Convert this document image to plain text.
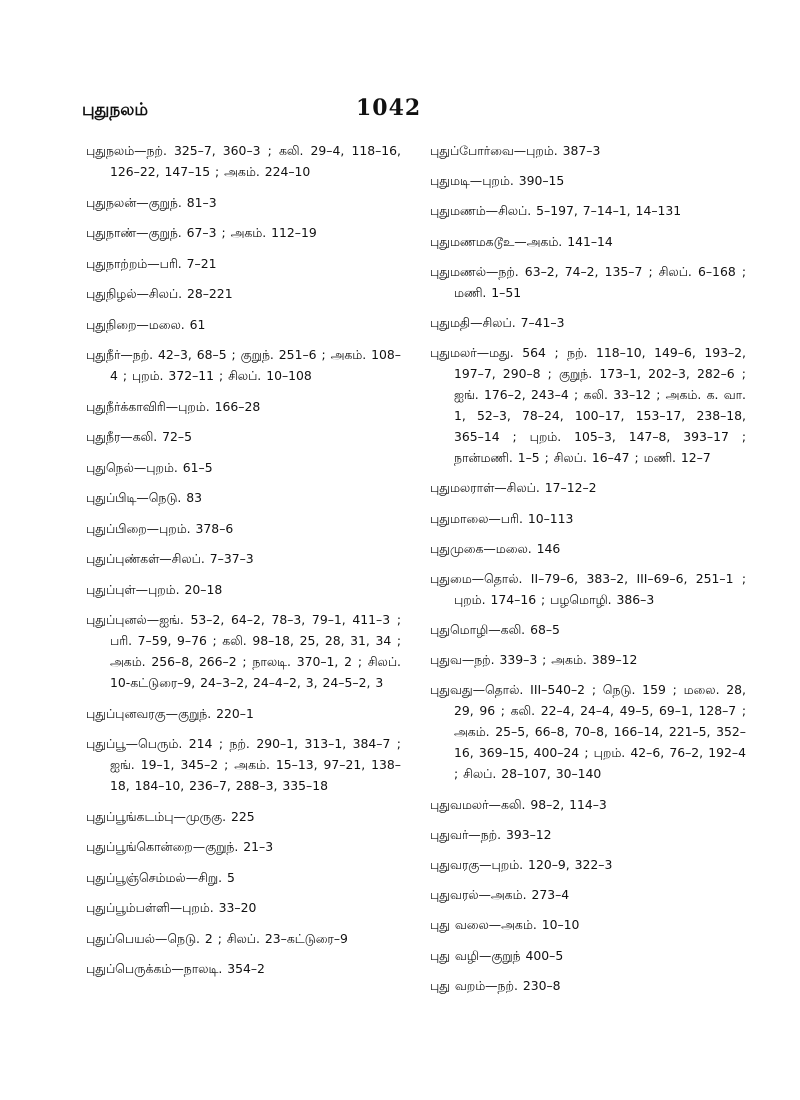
புதுநலம்	1042
புதுநலம்—நற். 325–7, 360–3 ; கலி. 29–4, 118–16, 126–22, 147–15 ; அகம். 224–10
புதுநலன்—குறுந். 81–3
புதுநாண்—குறுந். 67–3 ; அகம். 112–19
புதுநாற்றம்—பரி. 7–21
புதுநிழல்—சிலப். 28–221
புதுநிறை—மலை. 61
புதுநீர்—நற். 42–3, 68–5 ; குறுந். 251–6 ; அகம். 108–4 ; புறம். 372–11 ; சிலப். 10–108
புதுநீர்க்காவிரி—புறம். 166–28
புதுநீர—கலி. 72–5
புதுநெல்—புறம். 61–5
புதுப்பிடி—நெடு. 83
புதுப்பிறை—புறம். 378–6
புதுப்புண்கள்—சிலப். 7–37–3
புதுப்புள்—புறம். 20–18
புதுப்புனல்—ஐங். 53–2, 64–2, 78–3, 79–1, 411–3 ; பரி. 7–59, 9–76 ; கலி. 98–18, 25, 28, 31, 34 ; அகம். 256–8, 266–2 ; நாலடி. 370–1, 2 ; சிலப். 10-கட்டுரை–9, 24–3–2, 24–4–2, 3, 24–5–2, 3
புதுப்புனவரகு—குறுந். 220–1
புதுப்பூ—பெரும். 214 ; நற். 290–1, 313–1, 384–7 ; ஐங். 19–1, 345–2 ; அகம். 15–13, 97–21, 138–18, 184–10, 236–7, 288–3, 335–18
புதுப்பூங்கடம்பு—முருகு. 225
புதுப்பூங்கொன்றை—குறுந். 21–3
புதுப்பூஞ்செம்மல்—சிறு. 5
புதுப்பூம்பள்ளி—புறம். 33–20
புதுப்பெயல்—நெடு. 2 ; சிலப். 23–கட்டுரை–9
புதுப்பெருக்கம்—நாலடி. 354–2
புதுப்போர்வை—புறம். 387–3
புதுமடி—புறம். 390–15
புதுமணம்—சிலப். 5–197, 7–14–1, 14–131
புதுமணமகடூஉ—அகம். 141–14
புதுமணல்—நற். 63–2, 74–2, 135–7 ; சிலப். 6–168 ; மணி. 1–51
புதுமதி—சிலப். 7–41–3
புதுமலர்—மது. 564 ; நற். 118–10, 149–6, 193–2, 197–7, 290–8 ; குறுந். 173–1, 202–3, 282–6 ; ஐங். 176–2, 243–4 ; கலி. 33–12 ; அகம். க. வா. 1, 52–3, 78–24, 100–17, 153–17, 238–18, 365–14 ; புறம். 105–3, 147–8, 393–17 ; நான்மணி. 1–5 ; சிலப். 16–47 ; மணி. 12–7
புதுமலராள்—சிலப். 17–12–2
புதுமாலை—பரி. 10–113
புதுமுகை—மலை. 146
புதுமை—தொல். II–79–6, 383–2, III–69–6, 251–1 ; புறம். 174–16 ; பழமொழி. 386–3
புதுமொழி—கலி. 68–5
புதுவ—நற். 339–3 ; அகம். 389–12
புதுவது—தொல். III–540–2 ; நெடு. 159 ; மலை. 28, 29, 96 ; கலி. 22–4, 24–4, 49–5, 69–1, 128–7 ; அகம். 25–5, 66–8, 70–8, 166–14, 221–5, 352–16, 369–15, 400–24 ; புறம். 42–6, 76–2, 192–4 ; சிலப். 28–107, 30–140
புதுவமலர்—கலி. 98–2, 114–3
புதுவர்—நற். 393–12
புதுவரகு—புறம். 120–9, 322–3
புதுவரல்—அகம். 273–4
புது வலை—அகம். 10–10
புது வழி—குறுந் 400–5
புது வறம்—நற். 230–8
